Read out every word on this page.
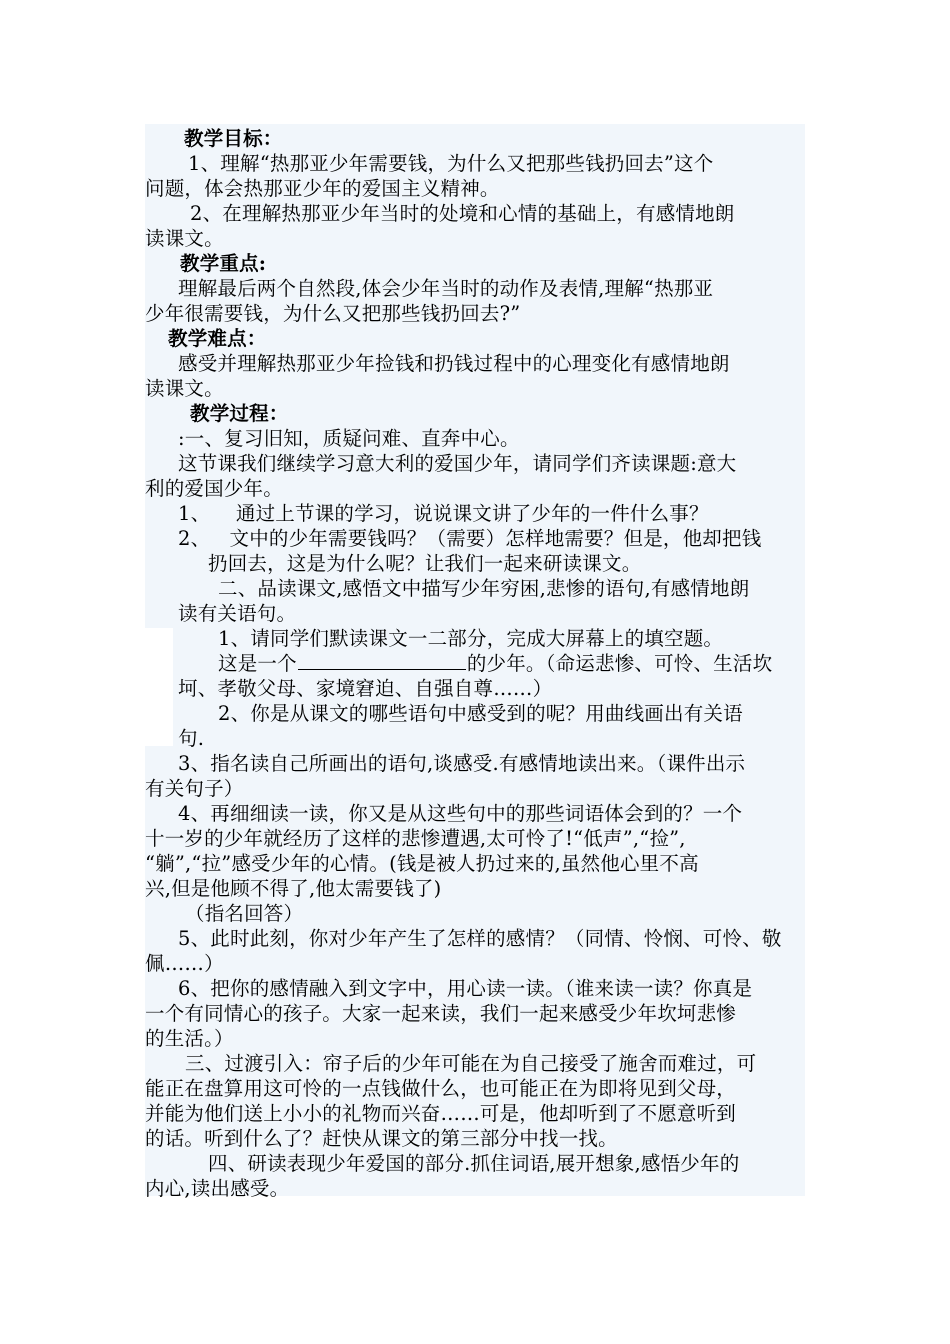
教学目标：
1、理解“热那亚少年需要钱，为什么又把那些钱扔回去”这个
问题，体会热那亚少年的爱国主义精神。
2、在理解热那亚少年当时的处境和心情的基础上，有感情地朗
读课文。
教学重点:
理解最后两个自然段,体会少年当时的动作及表情,理解“热那亚
少年很需要钱，为什么又把那些钱扔回去?”
教学难点：
感受并理解热那亚少年捡钱和扔钱过程中的心理变化有感情地朗
读课文。
教学过程：
:一、复习旧知，质疑问难、直奔中心。
这节课我们继续学习意大利的爱国少年，请同学们齐读课题:意大
利的爱国少年。
1、    通过上节课的学习，说说课文讲了少年的一件什么事？
2、   文中的少年需要钱吗？（需要）怎样地需要？但是，他却把钱
扔回去，这是为什么呢？让我们一起来研读课文。
二、品读课文,感悟文中描写少年穷困,悲惨的语句,有感情地朗
读有关语句。
1、请同学们默读课文一二部分，完成大屏幕上的填空题。
这是一个	的少年。（命运悲惨、可怜、生活坎
坷、孝敬父母、家境窘迫、自强自尊……）
2、你是从课文的哪些语句中感受到的呢？用曲线画出有关语
句.
3、指名读自己所画出的语句,谈感受.有感情地读出来。（课件出示
有关句子）
4、再细细读一读，你又是从这些句中的那些词语体会到的？一个
十一岁的少年就经历了这样的悲惨遭遇,太可怜了!“低声”,“捡”,
“躺”,“拉”感受少年的心情。(钱是被人扔过来的,虽然他心里不高
兴,但是他顾不得了,他太需要钱了)
（指名回答）
5、此时此刻，你对少年产生了怎样的感情？（同情、怜悯、可怜、敬
佩……）
6、把你的感情融入到文字中，用心读一读。（谁来读一读？你真是
一个有同情心的孩子。大家一起来读，我们一起来感受少年坎坷悲惨
的生活。）
三、过渡引入：帘子后的少年可能在为自己接受了施舍而难过，可
能正在盘算用这可怜的一点钱做什么，也可能正在为即将见到父母，
并能为他们送上小小的礼物而兴奋……可是，他却听到了不愿意听到
的话。听到什么了？赶快从课文的第三部分中找一找。
四、研读表现少年爱国的部分.抓住词语,展开想象,感悟少年的
内心,读出感受。
